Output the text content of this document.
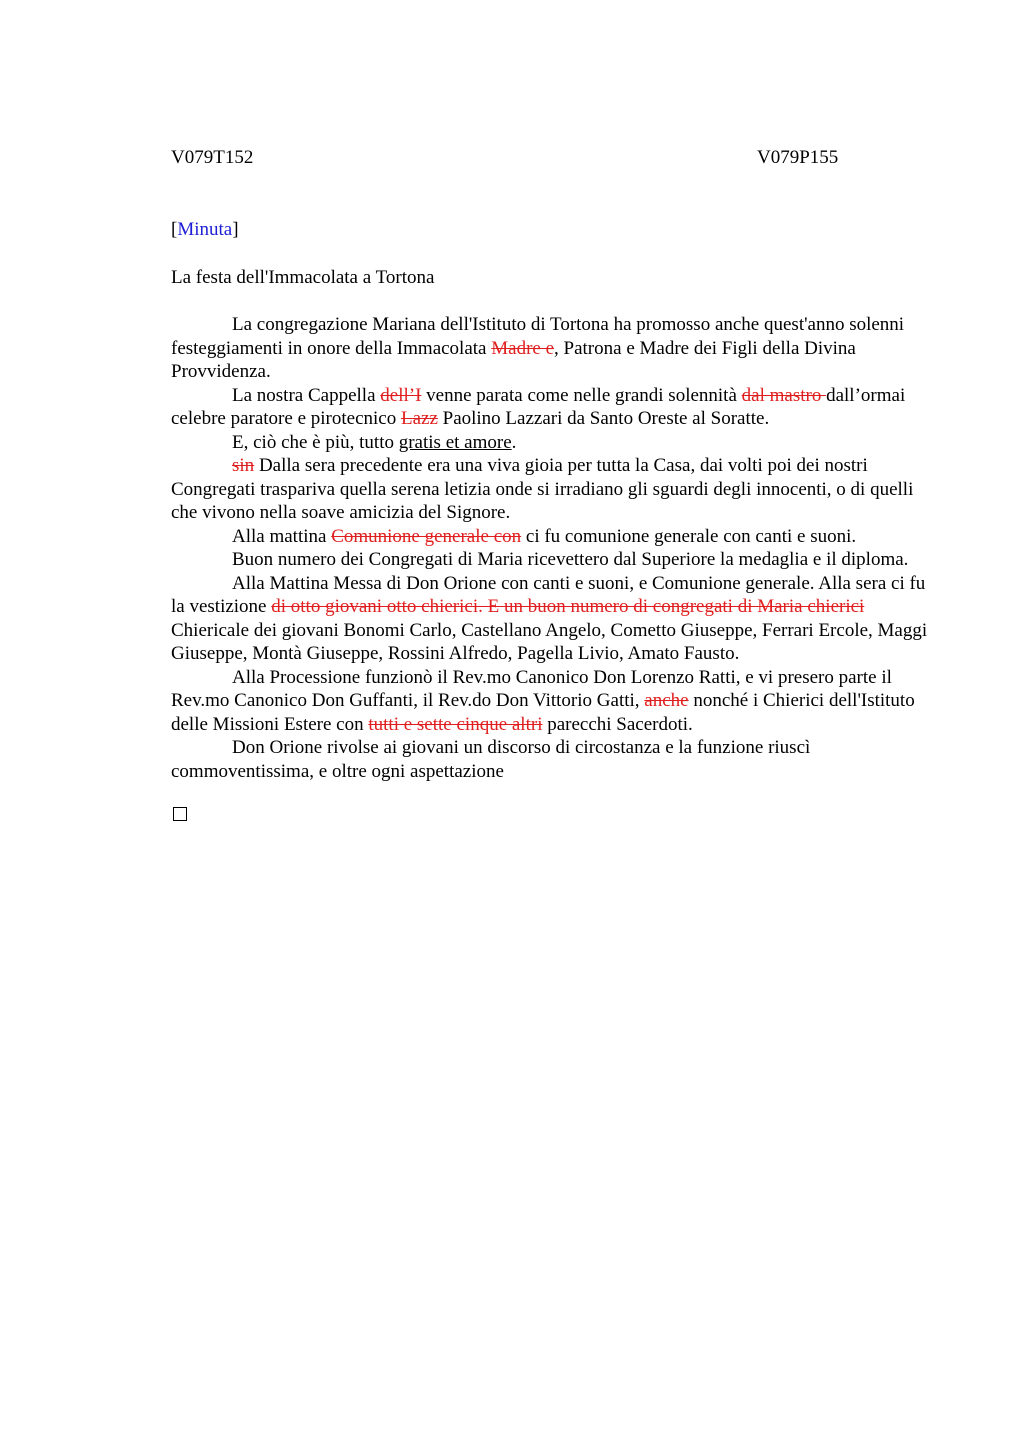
V079T152	V079P155
[Minuta]
La festa dell'Immacolata a Tortona

La congregazione Mariana dell'Istituto di Tortona ha promosso anche quest'anno solenni festeggiamenti in onore della Immacolata Madre e, Patrona e Madre dei Figli della Divina Provvidenza.

La nostra Cappella dell’I venne parata come nelle grandi solennità dal mastro dall’ormai celebre paratore e pirotecnico Lazz Paolino Lazzari da Santo Oreste al Soratte.

E, ciò che è più, tutto gratis et amore.

sin Dalla sera precedente era una viva gioia per tutta la Casa, dai volti poi dei nostri Congregati traspariva quella serena letizia onde si irradiano gli sguardi degli innocenti, o di quelli che vivono nella soave amicizia del Signore.

Alla mattina Comunione generale con ci fu comunione generale con canti e suoni.

Buon numero dei Congregati di Maria ricevettero dal Superiore la medaglia e il diploma.

Alla Mattina Messa di Don Orione con canti e suoni, e Comunione generale. Alla sera ci fu la vestizione di otto giovani otto chierici. E un buon numero di congregati di Maria chierici Chiericale dei giovani Bonomi Carlo, Castellano Angelo, Cometto Giuseppe, Ferrari Ercole, Maggi Giuseppe, Montà Giuseppe, Rossini Alfredo, Pagella Livio, Amato Fausto.

Alla Processione funzionò il Rev.mo Canonico Don Lorenzo Ratti, e vi presero parte il Rev.mo Canonico Don Guffanti, il Rev.do Don Vittorio Gatti, anche nonché i Chierici dell'Istituto delle Missioni Estere con tutti e sette cinque altri parecchi Sacerdoti.

Don Orione rivolse ai giovani un discorso di circostanza e la funzione riuscì commoventissima, e oltre ogni aspettazione
